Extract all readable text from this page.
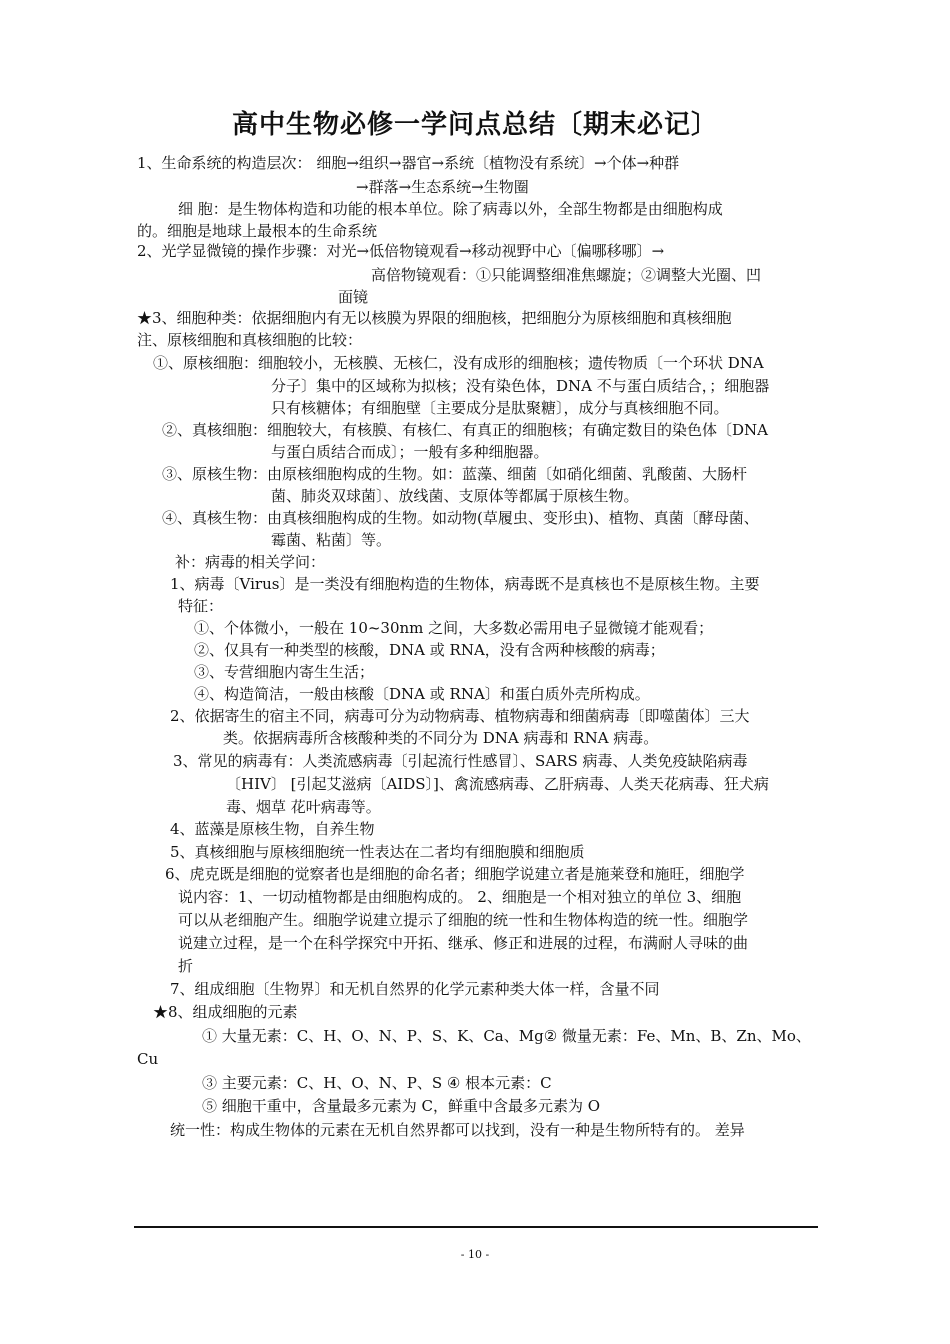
高中生物必修一学问点总结〔期末必记〕
1、生命系统的构造层次： 细胞→组织→器官→系统〔植物没有系统〕→个体→种群
→群落→生态系统→生物圈
细 胞：是生物体构造和功能的根本单位。除了病毒以外，全部生物都是由细胞构成
的。细胞是地球上最根本的生命系统
2、光学显微镜的操作步骤：对光→低倍物镜观看→移动视野中心〔偏哪移哪〕→
高倍物镜观看：①只能调整细准焦螺旋；②调整大光圈、凹
面镜
★3、细胞种类：依据细胞内有无以核膜为界限的细胞核，把细胞分为原核细胞和真核细胞
注、原核细胞和真核细胞的比较：
①、原核细胞：细胞较小，无核膜、无核仁，没有成形的细胞核；遗传物质〔一个环状 DNA
分子〕集中的区域称为拟核；没有染色体，DNA 不与蛋白质结合，；细胞器
只有核糖体；有细胞壁〔主要成分是肽聚糖〕，成分与真核细胞不同。
②、真核细胞：细胞较大，有核膜、有核仁、有真正的细胞核；有确定数目的染色体〔DNA
与蛋白质结合而成〕；一般有多种细胞器。
③、原核生物：由原核细胞构成的生物。如：蓝藻、细菌〔如硝化细菌、乳酸菌、大肠杆
菌、肺炎双球菌〕、放线菌、支原体等都属于原核生物。
④、真核生物：由真核细胞构成的生物。如动物(草履虫、变形虫)、植物、真菌〔酵母菌、
霉菌、粘菌〕等。
补：病毒的相关学问：
1、病毒〔Virus〕是一类没有细胞构造的生物体，病毒既不是真核也不是原核生物。主要
特征：
①、个体微小，一般在 10~30nm 之间，大多数必需用电子显微镜才能观看；
②、仅具有一种类型的核酸，DNA 或 RNA，没有含两种核酸的病毒；
③、专营细胞内寄生生活；
④、构造简洁，一般由核酸〔DNA 或 RNA〕和蛋白质外壳所构成。
2、依据寄生的宿主不同，病毒可分为动物病毒、植物病毒和细菌病毒〔即噬菌体〕三大
类。依据病毒所含核酸种类的不同分为 DNA 病毒和 RNA 病毒。
3、常见的病毒有：人类流感病毒〔引起流行性感冒〕、SARS 病毒、人类免疫缺陷病毒
〔HIV〕 [引起艾滋病〔AIDS〕]、禽流感病毒、乙肝病毒、人类天花病毒、狂犬病
毒、烟草 花叶病毒等。
4、蓝藻是原核生物，自养生物
5、真核细胞与原核细胞统一性表达在二者均有细胞膜和细胞质
6、虎克既是细胞的觉察者也是细胞的命名者；细胞学说建立者是施莱登和施旺，细胞学
说内容：1、一切动植物都是由细胞构成的。 2、细胞是一个相对独立的单位 3、细胞
可以从老细胞产生。细胞学说建立提示了细胞的统一性和生物体构造的统一性。细胞学
说建立过程，是一个在科学探究中开拓、继承、修正和进展的过程，布满耐人寻味的曲
折
7、组成细胞〔生物界〕和无机自然界的化学元素种类大体一样，含量不同
★8、组成细胞的元素
① 大量无素：C、H、O、N、P、S、K、Ca、Mg② 微量无素：Fe、Mn、B、Zn、Mo、
Cu
③ 主要元素：C、H、O、N、P、S ④ 根本元素：C
⑤ 细胞干重中，含量最多元素为 C，鲜重中含最多元素为 O
统一性：构成生物体的元素在无机自然界都可以找到，没有一种是生物所特有的。 差异
- 10 -
